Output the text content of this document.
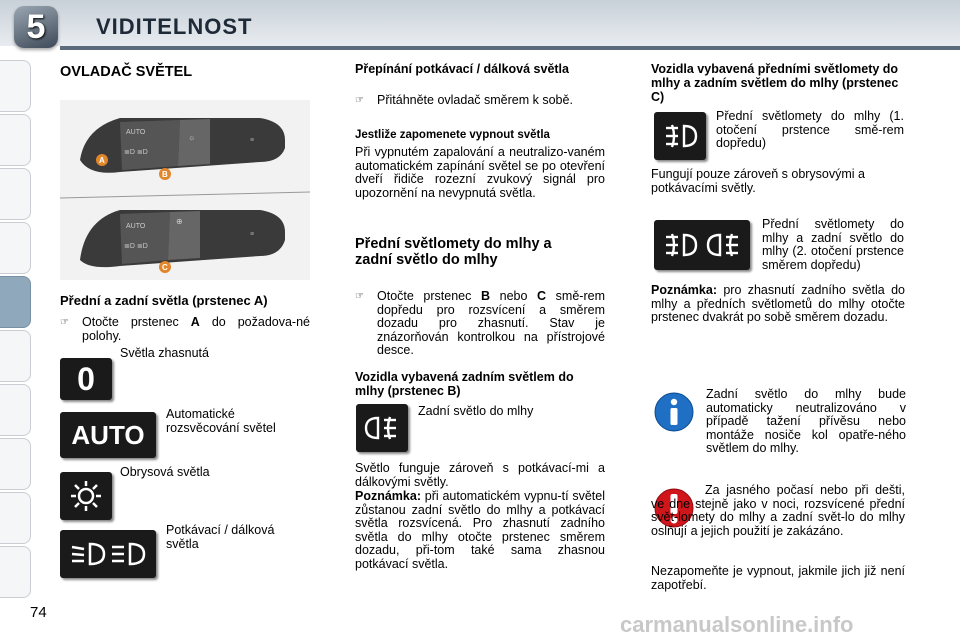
5 VIDITELNOST
OVLADAČ SVĚTEL
AUTO
≣D ≣D
☼	≡
AUTO
≣D ≣D
⊕
≡
A
B
C
Přední a zadní světla (prstenec A)
☞	Otočte prstenec A do požadova-né polohy.
Světla zhasnutá
0
Automatické rozsvěcování světel
AUTO
Obrysová světla
Potkávací / dálková světla
Přepínání potkávací / dálková světla
☞	Přitáhněte ovladač směrem k sobě.
Jestliže zapomenete vypnout světla
Při vypnutém zapalování a neutralizo-vaném automatickém zapínání světel se po otevření dveří řidiče rozezní zvukový signál pro upozornění na nevypnutá světla.
Přední světlomety do mlhy a zadní světlo do mlhy
☞	Otočte prstenec B nebo C smě-rem dopředu pro rozsvícení a směrem dozadu pro zhasnutí. Stav je znázorňován kontrolkou na přístrojové desce.
Vozidla vybavená zadním světlem do mlhy (prstenec B)
Zadní světlo do mlhy
Světlo funguje zároveň s potkávací-mi a dálkovými světly.
Poznámka: při automatickém vypnu-tí světel zůstanou zadní světlo do mlhy a potkávací světla rozsvícená. Pro zhasnutí zadního světla do mlhy otočte prstenec směrem dozadu, při-tom také sama zhasnou potkávací světla.
Vozidla vybavená předními světlomety do mlhy a zadním světlem do mlhy (prstenec C)
Přední světlomety do mlhy (1. otočení prstence smě-rem dopředu)
Fungují pouze zároveň s obrysovými a potkávacími světly.
Přední světlomety do mlhy a zadní světlo do mlhy (2. otočení prstence směrem dopředu)
Poznámka: pro zhasnutí zadního světla do mlhy a předních světlometů do mlhy otočte prstenec dvakrát po sobě směrem dozadu.
Zadní světlo do mlhy bude automaticky neutralizováno v případě tažení přívěsu nebo montáže nosiče kol opatře-ného světlem do mlhy.
Za jasného počasí nebo při dešti, ve dne stejně jako v noci, rozsvícené přední svět-lomety do mlhy a zadní svět-lo do mlhy oslňují a jejich použití je zakázáno.
Nezapomeňte je vypnout, jakmile jich již není zapotřebí.
74	carmanualsonline.info
